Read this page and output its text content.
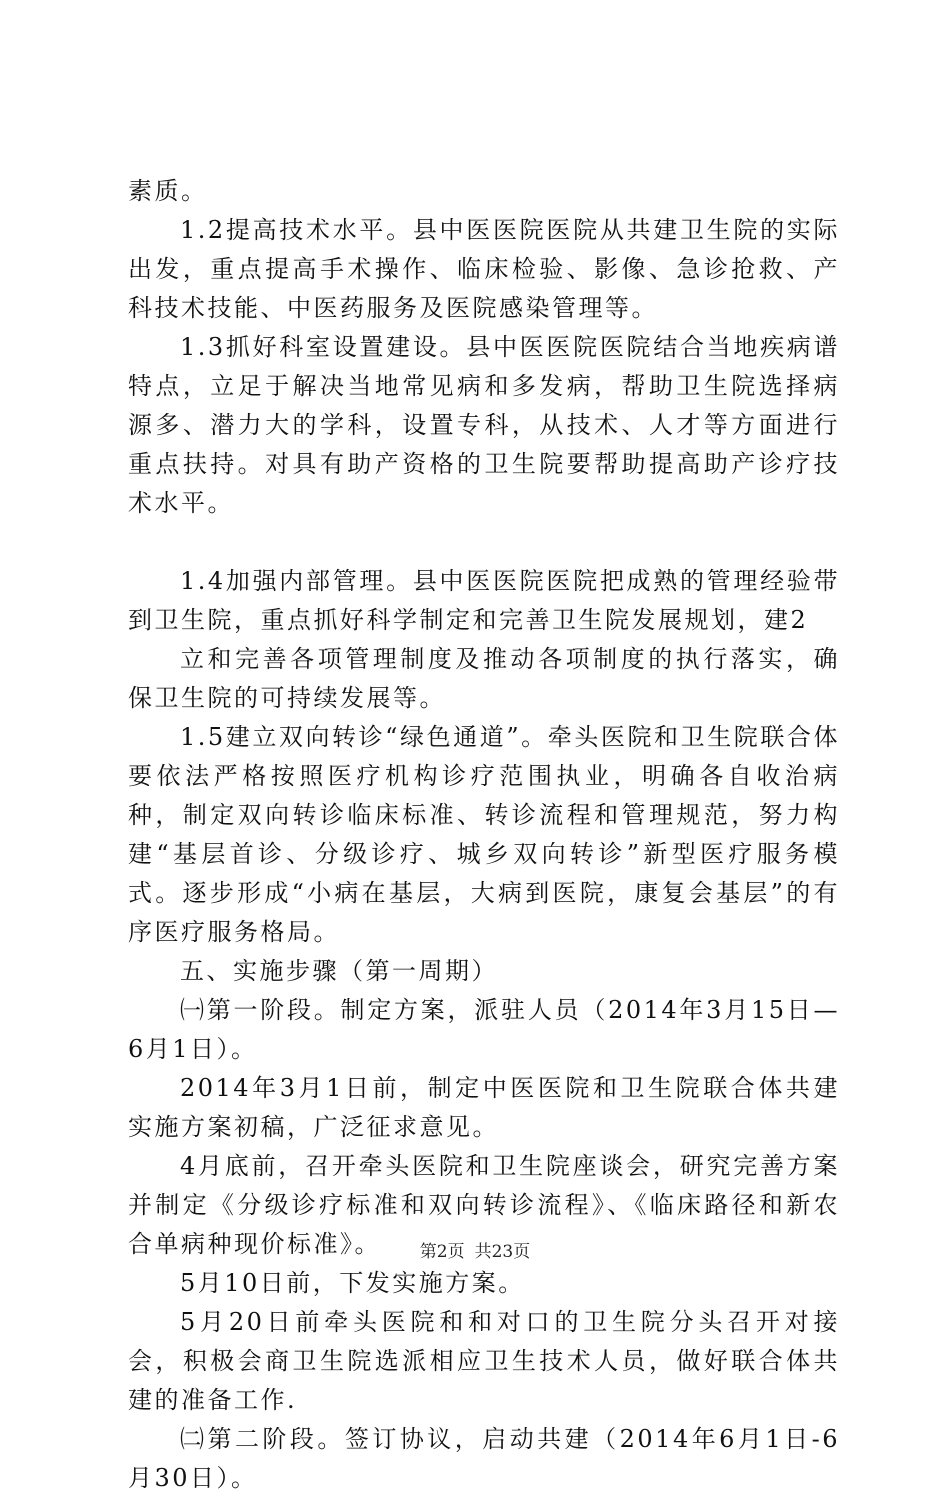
素质。

1.2提高技术水平。县中医医院医院从共建卫生院的实际出发，重点提高手术操作、临床检验、影像、急诊抢救、产科技术技能、中医药服务及医院感染管理等。

1.3抓好科室设置建设。县中医医院医院结合当地疾病谱特点，立足于解决当地常见病和多发病，帮助卫生院选择病源多、潜力大的学科，设置专科，从技术、人才等方面进行重点扶持。对具有助产资格的卫生院要帮助提高助产诊疗技术水平。

1.4加强内部管理。县中医医院医院把成熟的管理经验带到卫生院，重点抓好科学制定和完善卫生院发展规划，建2

立和完善各项管理制度及推动各项制度的执行落实，确保卫生院的可持续发展等。

1.5建立双向转诊“绿色通道”。牵头医院和卫生院联合体要依法严格按照医疗机构诊疗范围执业，明确各自收治病种，制定双向转诊临床标准、转诊流程和管理规范，努力构建“基层首诊、分级诊疗、城乡双向转诊”新型医疗服务模式。逐步形成“小病在基层，大病到医院，康复会基层”的有序医疗服务格局。

五、实施步骤（第一周期）

㈠第一阶段。制定方案，派驻人员（2014年3月15日—6月1日）。

2014年3月1日前，制定中医医院和卫生院联合体共建实施方案初稿，广泛征求意见。

4月底前，召开牵头医院和卫生院座谈会，研究完善方案并制定《分级诊疗标准和双向转诊流程》、《临床路径和新农合单病种现价标准》。

5月10日前，下发实施方案。

5月20日前牵头医院和和对口的卫生院分头召开对接会，积极会商卫生院选派相应卫生技术人员，做好联合体共建的准备工作.

㈡第二阶段。签订协议，启动共建（2014年6月1日-6月30日）。

第2页 共23页
